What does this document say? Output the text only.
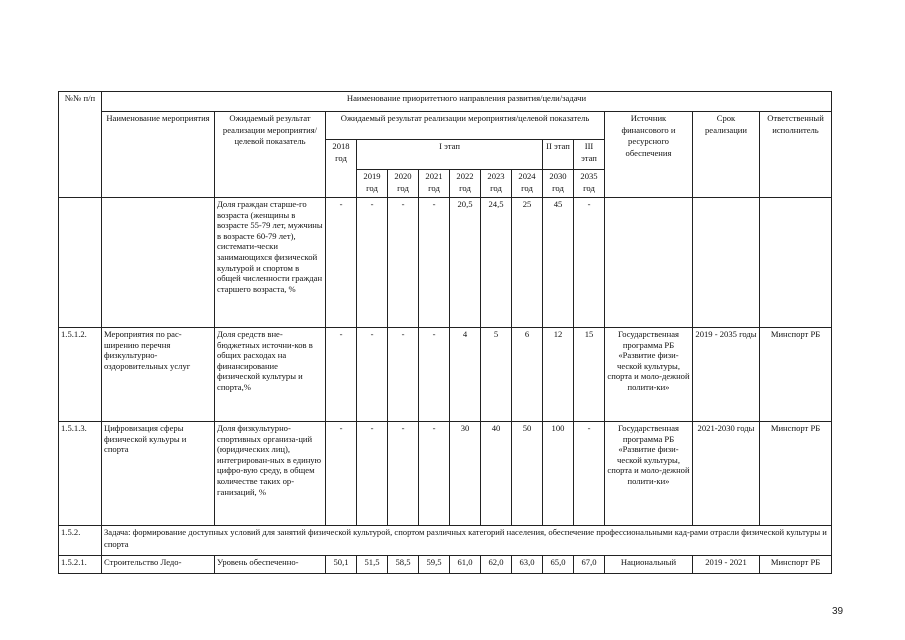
№№ п/п	Наименование приоритетного направления развития/цели/задачи													
	Наименование мероприятия	Ожидаемый результат реализации мероприятия/целевой показатель	Ожидаемый результат реализации мероприятия/целевой показатель									Источник финансового и ресурсного обеспечения	Срок реализации	Ответственный исполнитель
			2018 год	I этап						II этап	III этап			
				2019 год	2020 год	2021 год	2022 год	2023 год	2024 год	2030 год	2035 год			
		Доля граждан старше-го возраста (женщины в возрасте 55-79 лет, мужчины в возрасте 60-79 лет), системати-чески занимающихся физической культурой и спортом в общей численности граждан старшего возраста, %	-	-	-	-	20,5	24,5	25	45	-			
1.5.1.2.	Мероприятия по рас-ширению перечня физкультурно-оздоровительных услуг	Доля средств вне-бюджетных источни-ков в общих расходах на финансирование физической культуры и спорта,%	-	-	-	-	4	5	6	12	15	Государственная программа РБ «Развитие физи-ческой культуры, спорта и моло-дежной полити-ки»	2019 - 2035 годы	Минспорт РБ
1.5.1.3.	Цифровизация сферы физической кульуры и спорта	Доля физкультурно-спортивных организа-ций (юридических лиц), интегрирован-ных в единую цифро-вую среду, в общем количестве таких ор-ганизаций, %	-	-	-	-	30	40	50	100	-	Государственная программа РБ «Развитие физи-ческой культуры, спорта и моло-дежной полити-ки»	2021-2030 годы	Минспорт РБ
1.5.2.	Задача: формирование доступных условий для занятий физической культурой, спортом различных категорий населения, обеспечение профессиональными кад-рами отрасли физической культуры и спорта													
1.5.2.1.	Строительство Ледо-	Уровень обеспеченно-	50,1	51,5	58,5	59,5	61,0	62,0	63,0	65,0	67,0	Национальный	2019 - 2021	Минспорт РБ
39
